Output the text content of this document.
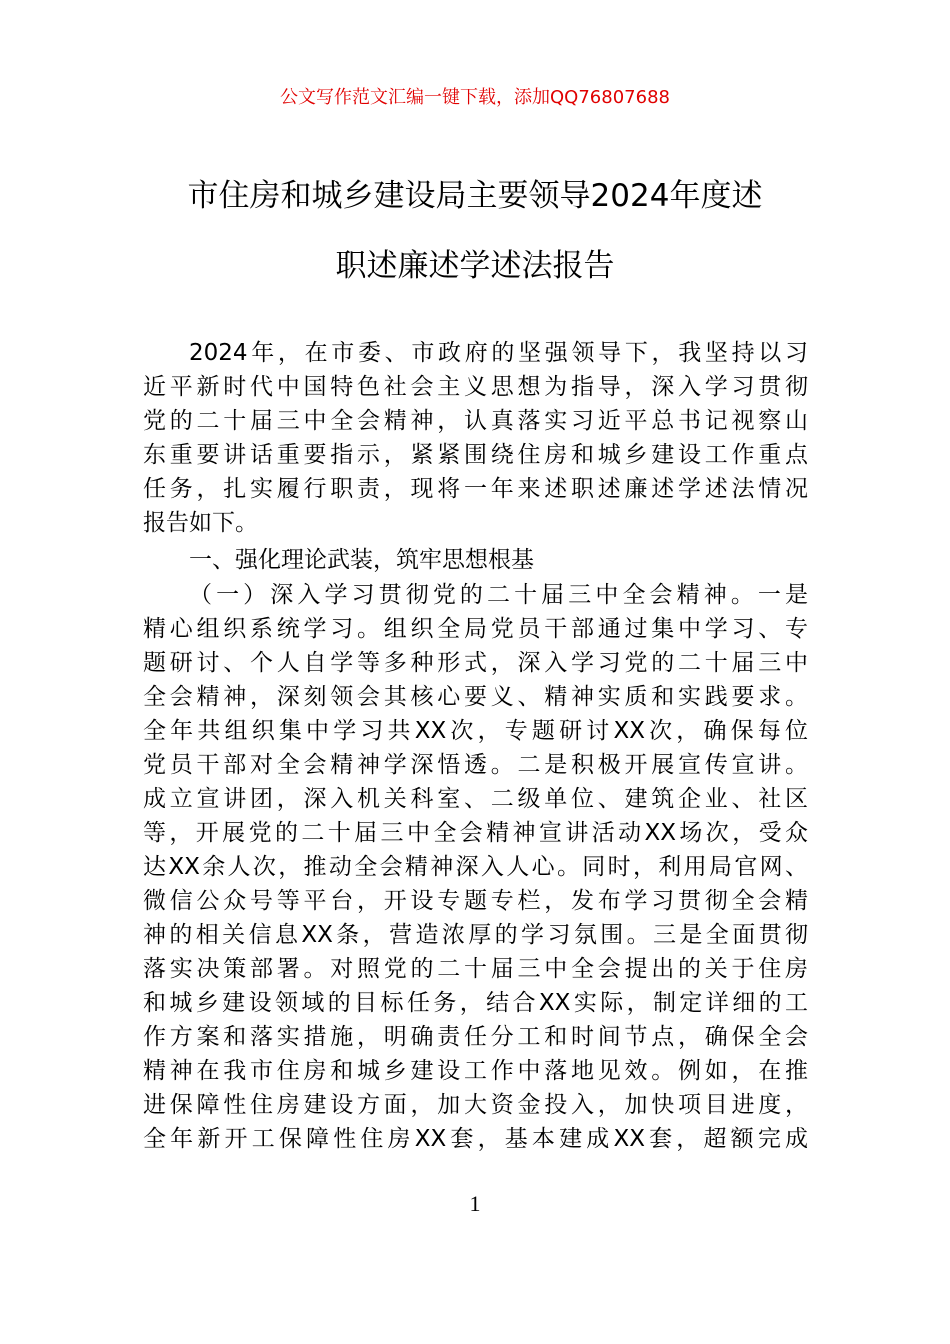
公文写作范文汇编一键下载，添加QQ76807688
市住房和城乡建设局主要领导2024年度述
职述廉述学述法报告
2024年，在市委、市政府的坚强领导下，我坚持以习
近平新时代中国特色社会主义思想为指导，深入学习贯彻
党的二十届三中全会精神，认真落实习近平总书记视察山
东重要讲话重要指示，紧紧围绕住房和城乡建设工作重点
任务，扎实履行职责，现将一年来述职述廉述学述法情况
报告如下。
一、强化理论武装，筑牢思想根基
（一）深入学习贯彻党的二十届三中全会精神。一是
精心组织系统学习。组织全局党员干部通过集中学习、专
题研讨、个人自学等多种形式，深入学习党的二十届三中
全会精神，深刻领会其核心要义、精神实质和实践要求。
全年共组织集中学习共XX次，专题研讨XX次，确保每位
党员干部对全会精神学深悟透。二是积极开展宣传宣讲。
成立宣讲团，深入机关科室、二级单位、建筑企业、社区
等，开展党的二十届三中全会精神宣讲活动XX场次，受众
达XX余人次，推动全会精神深入人心。同时，利用局官网、
微信公众号等平台，开设专题专栏，发布学习贯彻全会精
神的相关信息XX条，营造浓厚的学习氛围。三是全面贯彻
落实决策部署。对照党的二十届三中全会提出的关于住房
和城乡建设领域的目标任务，结合XX实际，制定详细的工
作方案和落实措施，明确责任分工和时间节点，确保全会
精神在我市住房和城乡建设工作中落地见效。例如，在推
进保障性住房建设方面，加大资金投入，加快项目进度，
全年新开工保障性住房XX套，基本建成XX套，超额完成
1
